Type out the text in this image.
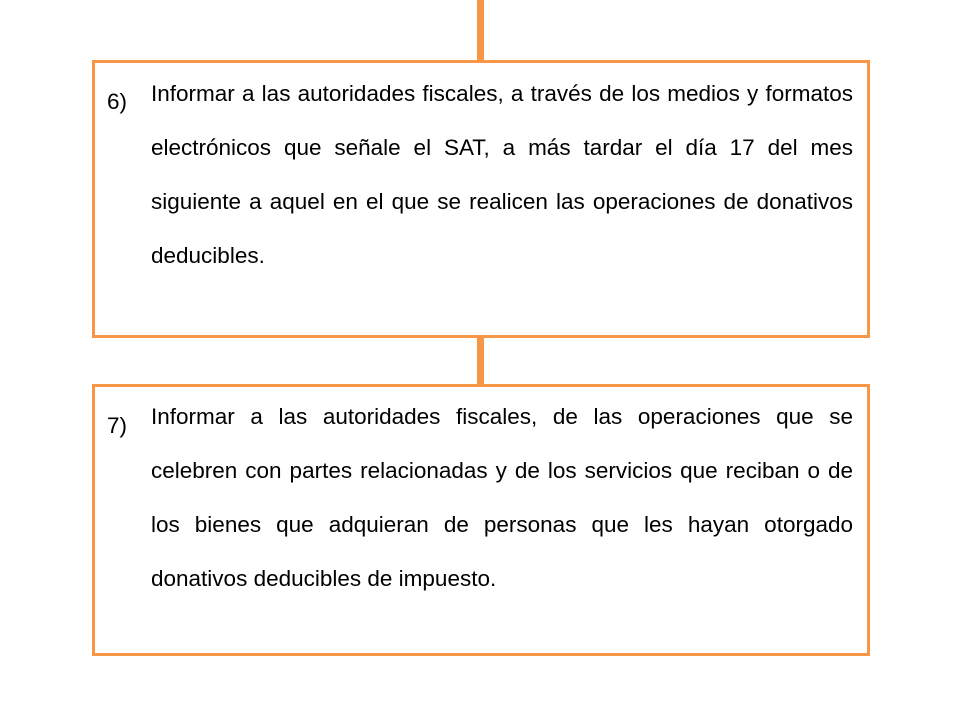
6)	Informar a las autoridades fiscales, a través de los medios y formatos electrónicos que señale el SAT, a más tardar el día 17 del mes siguiente a aquel en el que se realicen las operaciones de donativos deducibles.

7)	Informar a las autoridades fiscales, de las operaciones que se celebren con partes relacionadas y de los servicios que reciban o de los bienes que adquieran de personas que les hayan otorgado donativos deducibles de impuesto.
